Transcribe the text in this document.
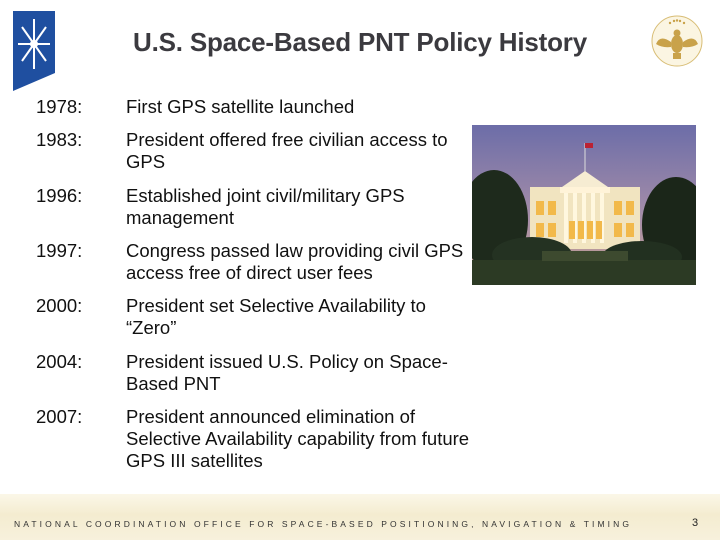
U.S. Space-Based PNT Policy History
1978:	First GPS satellite launched
1983:	President offered free civilian access to GPS
1996:	Established joint civil/military GPS management
1997:	Congress passed law providing civil GPS access free of direct user fees
2000:	President set Selective Availability to “Zero”
2004:	President issued U.S. Policy on Space-Based PNT
2007:	President announced elimination of Selective Availability capability from future GPS III satellites
NATIONAL COORDINATION OFFICE FOR SPACE-BASED POSITIONING, NAVIGATION & TIMING	3
